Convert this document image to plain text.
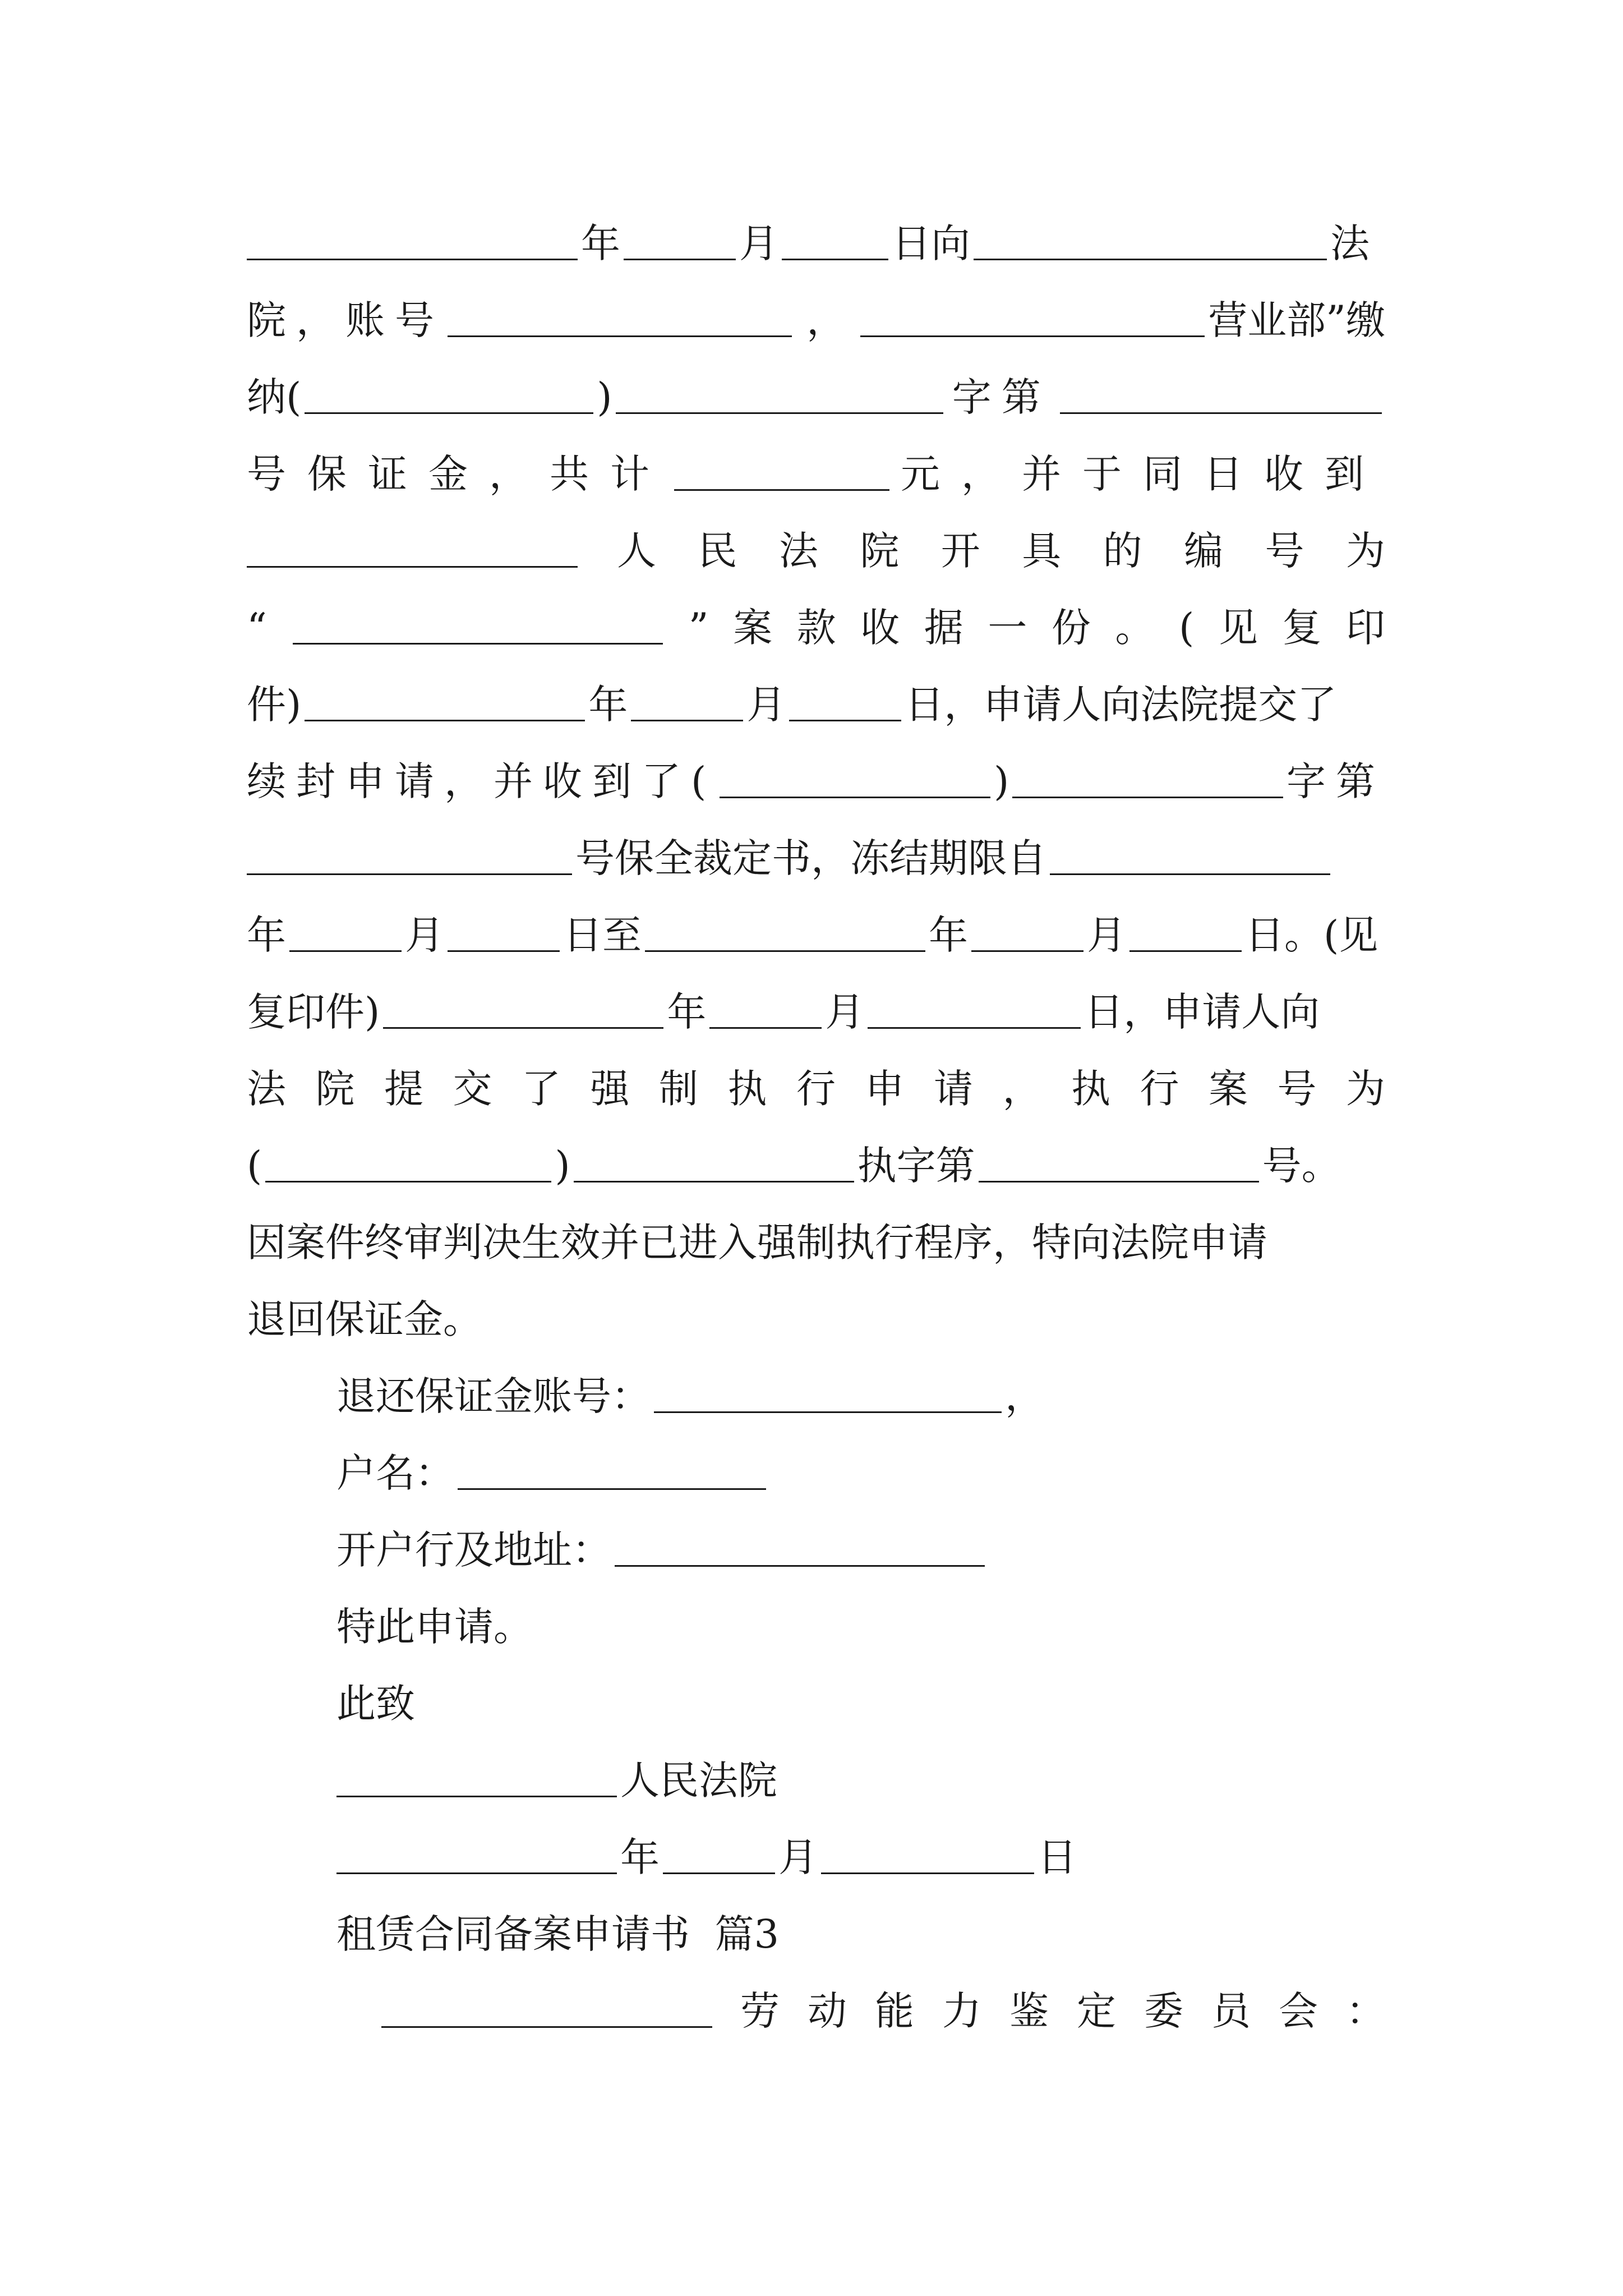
年	月	日向	法
院，账号	，	营业部”缴
纳(	)	字第
号保证金，共计	元，并于同日收到
人 民 法 院 开 具 的 编 号 为
“	” 案 款 收 据 一 份 。 ( 见 复 印
件)	年	月	日，申请人向法院提交了
续封申请，并收到了(	)	字第
号保全裁定书，冻结期限自
年	月	日至	年	月	日。(见
复印件)	年	月	日，申请人向
法 院 提 交 了 强 制 执 行 申 请 ， 执 行 案 号 为
(	)	执字第	号。
因案件终审判决生效并已进入强制执行程序，特向法院申请
退回保证金。
退还保证金账号：	，
户名：
开户行及地址：
特此申请。
此致
人民法院
年	月	日
租赁合同备案申请书  篇3
劳 动 能 力 鉴 定 委 员 会 ：
